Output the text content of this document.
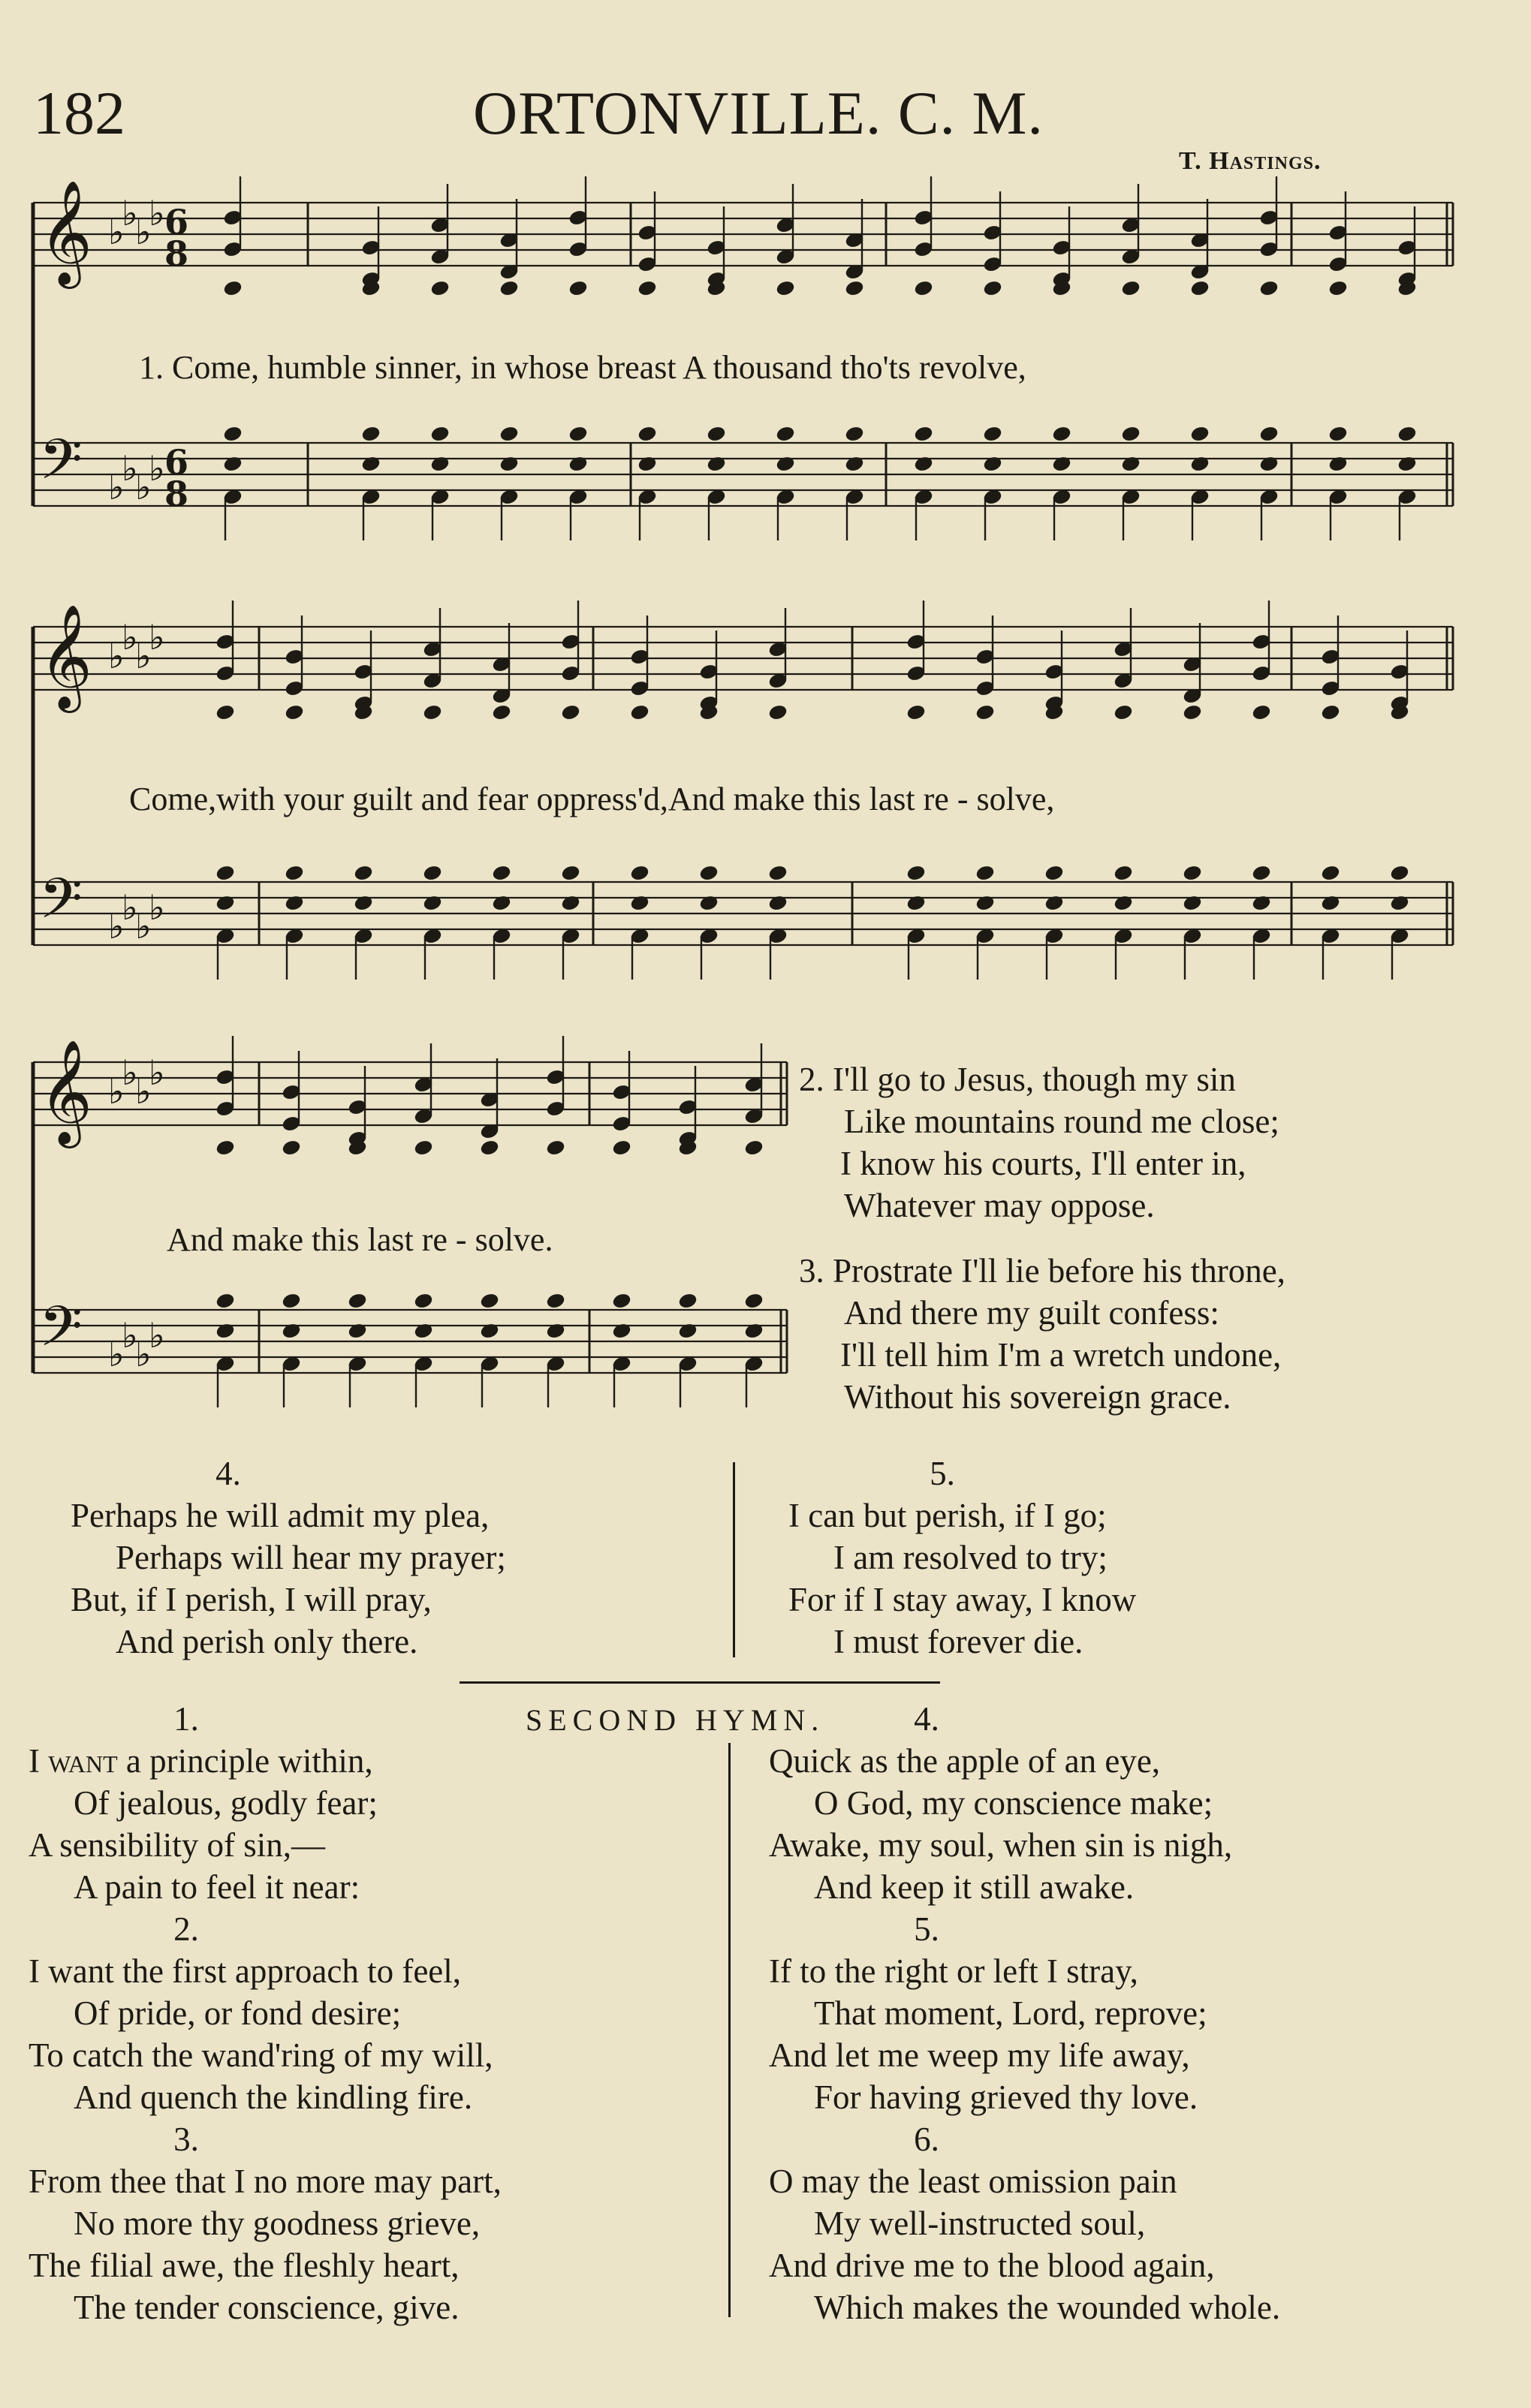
182	ORTONVILLE. C. M.
T. Hastings.
𝄞
𝄢
♭
♭
♭
♭
♭
♭
♭
♭
6
8
6
8
𝄞
𝄢
♭
♭
♭
♭
♭
♭
♭
♭
𝄞
𝄢
♭
♭
♭
♭
♭
♭
♭
♭
1. Come, humble sinner, in whose breast A thousand tho'ts revolve,
Come,with your guilt and fear oppress'd,And make this last re - solve,
And make this last re - solve.
2. I'll go to Jesus, though my sin
Like mountains round me close;
I know his courts, I'll enter in,
Whatever may oppose.
3. Prostrate I'll lie before his throne,
And there my guilt confess:
I'll tell him I'm a wretch undone,
Without his sovereign grace.
4.
Perhaps he will admit my plea,
Perhaps will hear my prayer;
But, if I perish, I will pray,
And perish only there.
5.
I can but perish, if I go;
I am resolved to try;
For if I stay away, I know
I must forever die.
SECOND HYMN.
1.
I want a principle within,
Of jealous, godly fear;
A sensibility of sin,—
A pain to feel it near:
2.
I want the first approach to feel,
Of pride, or fond desire;
To catch the wand'ring of my will,
And quench the kindling fire.
3.
From thee that I no more may part,
No more thy goodness grieve,
The filial awe, the fleshly heart,
The tender conscience, give.
4.
Quick as the apple of an eye,
O God, my conscience make;
Awake, my soul, when sin is nigh,
And keep it still awake.
5.
If to the right or left I stray,
That moment, Lord, reprove;
And let me weep my life away,
For having grieved thy love.
6.
O may the least omission pain
My well-instructed soul,
And drive me to the blood again,
Which makes the wounded whole.
